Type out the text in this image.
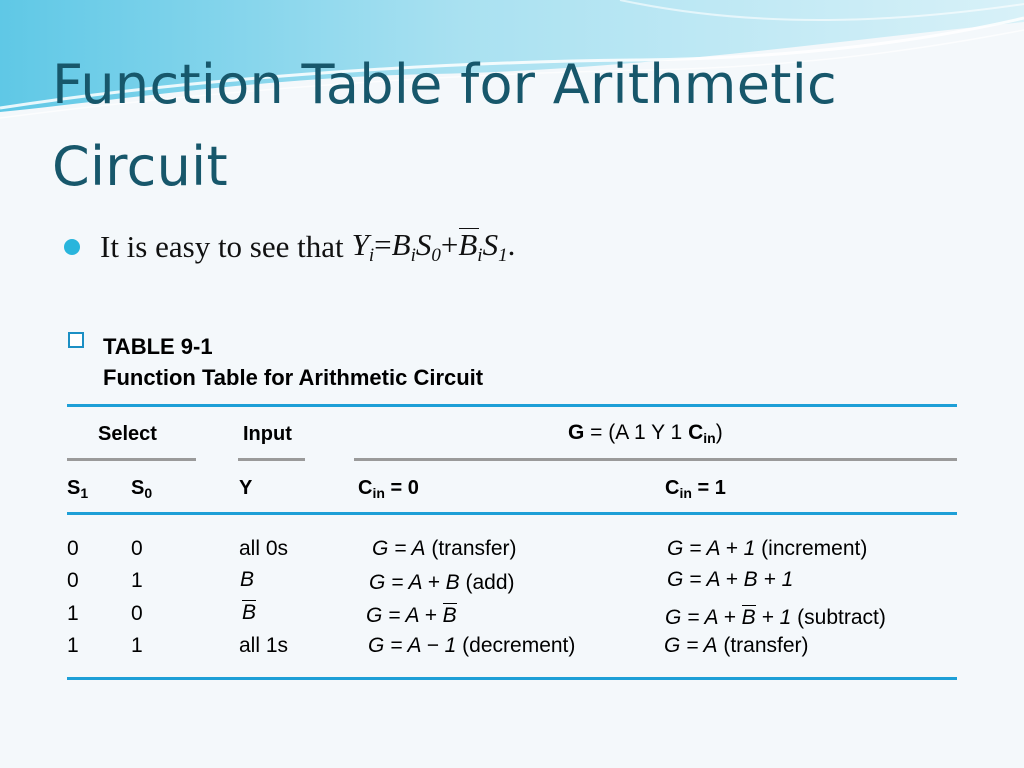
Function Table for Arithmetic Circuit
It is easy to see that $Y_i=B_iS_0+B_iS_1$.
TABLE 9-1
Function Table for Arithmetic Circuit
Select	Input	G = (A 1 Y 1 $C_{in}$)
$S_1$ $S_0$	Y	$C_{in} = 0$	$C_{in} = 1$
0 0	all 0s	G = A (transfer)	G = A + 1 (increment)
0 1	B	G = A + B (add)	G = A + B + 1
1 0	B	G = A + B	G = A + B + 1 (subtract)
1 1	all 1s	G = A − 1 (decrement)	G = A (transfer)
